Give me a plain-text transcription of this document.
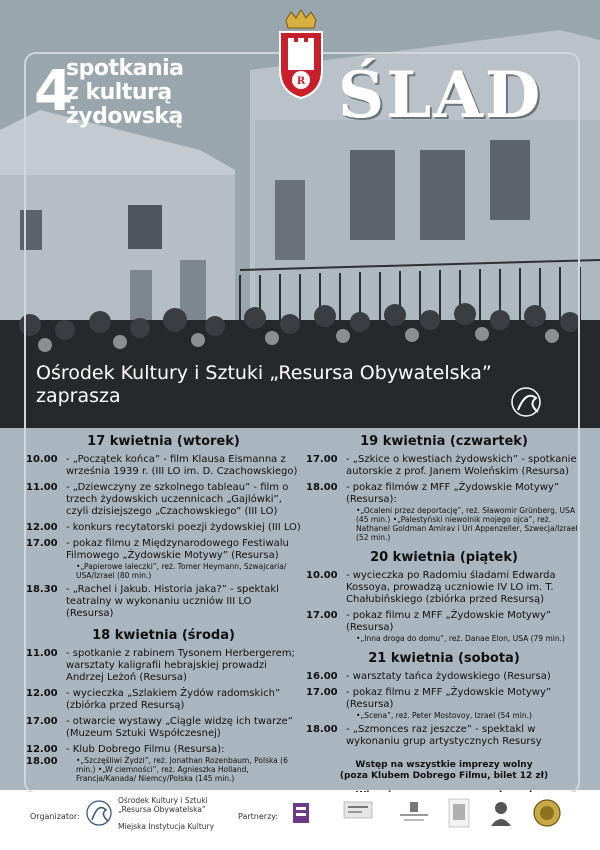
R
4
spotkania
z kulturą
żydowską ŚLAD
Ośrodek Kultury i Sztuki „Resursa Obywatelska”
zaprasza
17 kwietnia (wtorek)
10.00 - „Początek końca” - film Klausa Eismanna z września 1939 r. (III LO im. D. Czachowskiego)
11.00 - „Dziewczyny ze szkolnego tableau” - film o trzech żydowskich uczennicach „Gajlówki”, czyli dzisiejszego „Czachowskiego” (III LO)
12.00 - konkurs recytatorski poezji żydowskiej (III LO)
17.00 - pokaz filmu z Międzynarodowego Festiwalu Filmowego „Żydowskie Motywy” (Resursa)
•„Papierowe laleczki”, reż. Tomer Heymann, Szwajcaria/ USA/Izrael (80 min.)
18.30 - „Rachel i Jakub. Historia jaka?” - spektakl teatralny w wykonaniu uczniów III LO (Resursa)
18 kwietnia (środa)
11.00 - spotkanie z rabinem Tysonem Herbergerem; warsztaty kaligrafii hebrajskiej prowadzi Andrzej Leżoń (Resursa)
12.00 - wycieczka „Szlakiem Żydów radomskich” (zbiórka przed Resursą)
17.00 - otwarcie wystawy „Ciągle widzę ich twarze” (Muzeum Sztuki Współczesnej)
12.00 - Klub Dobrego Filmu (Resursa):
18.00	•„Szczęśliwi Żydzi”, reż. Jonathan Rozenbaum, Polska (6 min.) •„W ciemności”, reż. Agnieszka Holland, Francja/Kanada/ Niemcy/Polska (145 min.)
19 kwietnia (czwartek)
17.00 - „Szkice o kwestiach żydowskich” - spotkanie autorskie z prof. Janem Woleńskim (Resursa)
18.00 - pokaz filmów z MFF „Żydowskie Motywy” (Resursa):
•„Ocaleni przez deportację”, reż. Sławomir Grünberg, USA (45 min.) •„Palestyński niewolnik mojego ojca”, reż. Nathanel Goldman Amirav i Uri Appenzeller, Szwecja/Izrael (52 min.)
20 kwietnia (piątek)
10.00 - wycieczka po Radomiu śladami Edwarda Kossoya, prowadzą uczniowie IV LO im. T. Chałubińskiego (zbiórka przed Resursą)
17.00 - pokaz filmu z MFF „Żydowskie Motywy” (Resursa)
•„Inna droga do domu”, reż. Danae Elon, USA (79 min.)
21 kwietnia (sobota)
16.00 - warsztaty tańca żydowskiego (Resursa)
17.00 - pokaz filmu z MFF „Żydowskie Motywy” (Resursa)
•„Scena”, reż. Peter Mostovoy, Izrael (54 min.)
18.00 - „Szmonces raz jeszcze” - spektakl w wykonaniu grup artystycznych Resursy
Wstęp na wszystkie imprezy wolny
(poza Klubem Dobrego Filmu, bilet 12 zł)
Organizator:
Ośrodek Kultury i Sztuki
„Resursa Obywatelska”
Miejska Instytucja Kultury
Partnerzy:
